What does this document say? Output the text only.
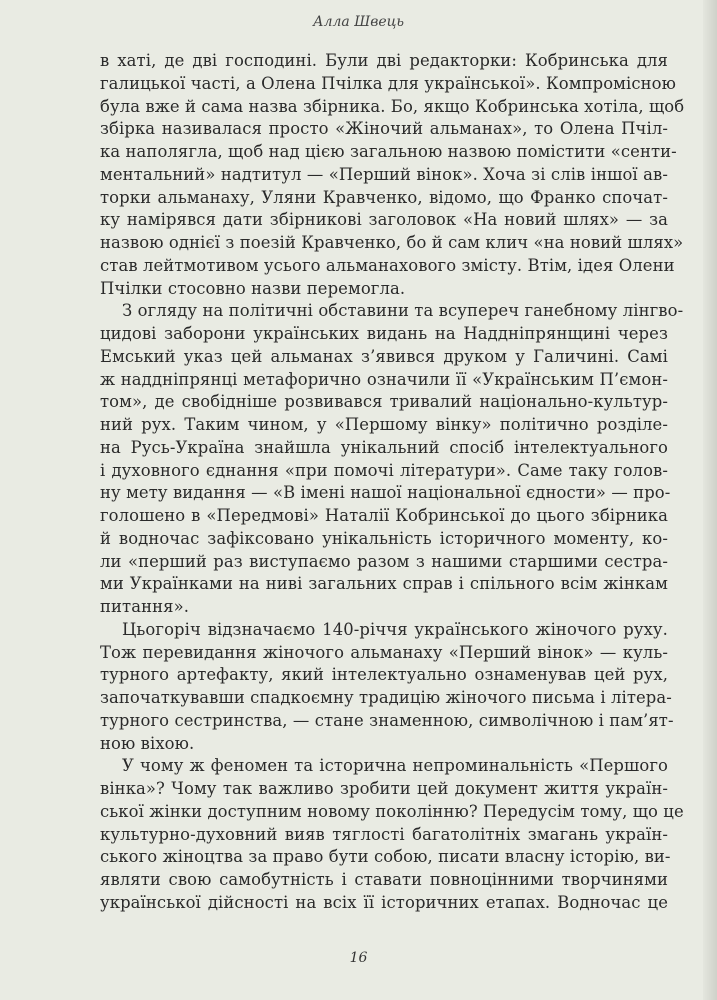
Алла Швець
в хаті, де дві господині. Були дві редакторки: Кобринська для
галицької часті, а Олена Пчілка для української». Компромісною
була вже й сама назва збірника. Бо, якщо Кобринська хотіла, щоб
збірка називалася просто «Жіночий альманах», то Олена Пчіл-
ка наполягла, щоб над цією загальною назвою помістити «сенти-
ментальний» надтитул — «Перший вінок». Хоча зі слів іншої ав-
торки альманаху, Уляни Кравченко, відомо, що Франко спочат-
ку намірявся дати збірникові заголовок «На новий шлях» — за
назвою однієї з поезій Кравченко, бо й сам клич «на новий шлях»
став лейтмотивом усього альманахового змісту. Втім, ідея Олени
Пчілки стосовно назви перемогла.
З огляду на політичні обставини та всупереч ганебному лінгво-
цидові заборони українських видань на Наддніпрянщині через
Емський указ цей альманах з’явився друком у Галичині. Самі
ж наддніпрянці метафорично означили її «Українським П’ємон-
том», де свобідніше розвивався тривалий національно-культур-
ний рух. Таким чином, у «Першому вінку» політично розділе-
на Русь-Україна знайшла унікальний спосіб інтелектуального
і духовного єднання «при помочі літератури». Саме таку голов-
ну мету видання — «В імені нашої національної єдности» — про-
голошено в «Передмові» Наталії Кобринської до цього збірника
й водночас зафіксовано унікальність історичного моменту, ко-
ли «перший раз виступаємо разом з нашими старшими сестра-
ми Українками на ниві загальних справ і спільного всім жінкам
питання».
Цьогоріч відзначаємо 140-річчя українського жіночого руху.
Тож перевидання жіночого альманаху «Перший вінок» — куль-
турного артефакту, який інтелектуально ознаменував цей рух,
започаткувавши спадкоємну традицію жіночого письма і літера-
турного сестринства, — стане знаменною, символічною і пам’ят-
ною віхою.
У чому ж феномен та історична непроминальність «Першого
вінка»? Чому так важливо зробити цей документ життя україн-
ської жінки доступним новому поколінню? Передусім тому, що це
культурно-духовний вияв тяглості багатолітніх змагань україн-
ського жіноцтва за право бути собою, писати власну історію, ви-
являти свою самобутність і ставати повноцінними творчинями
української дійсності на всіх її історичних етапах. Водночас це
16
